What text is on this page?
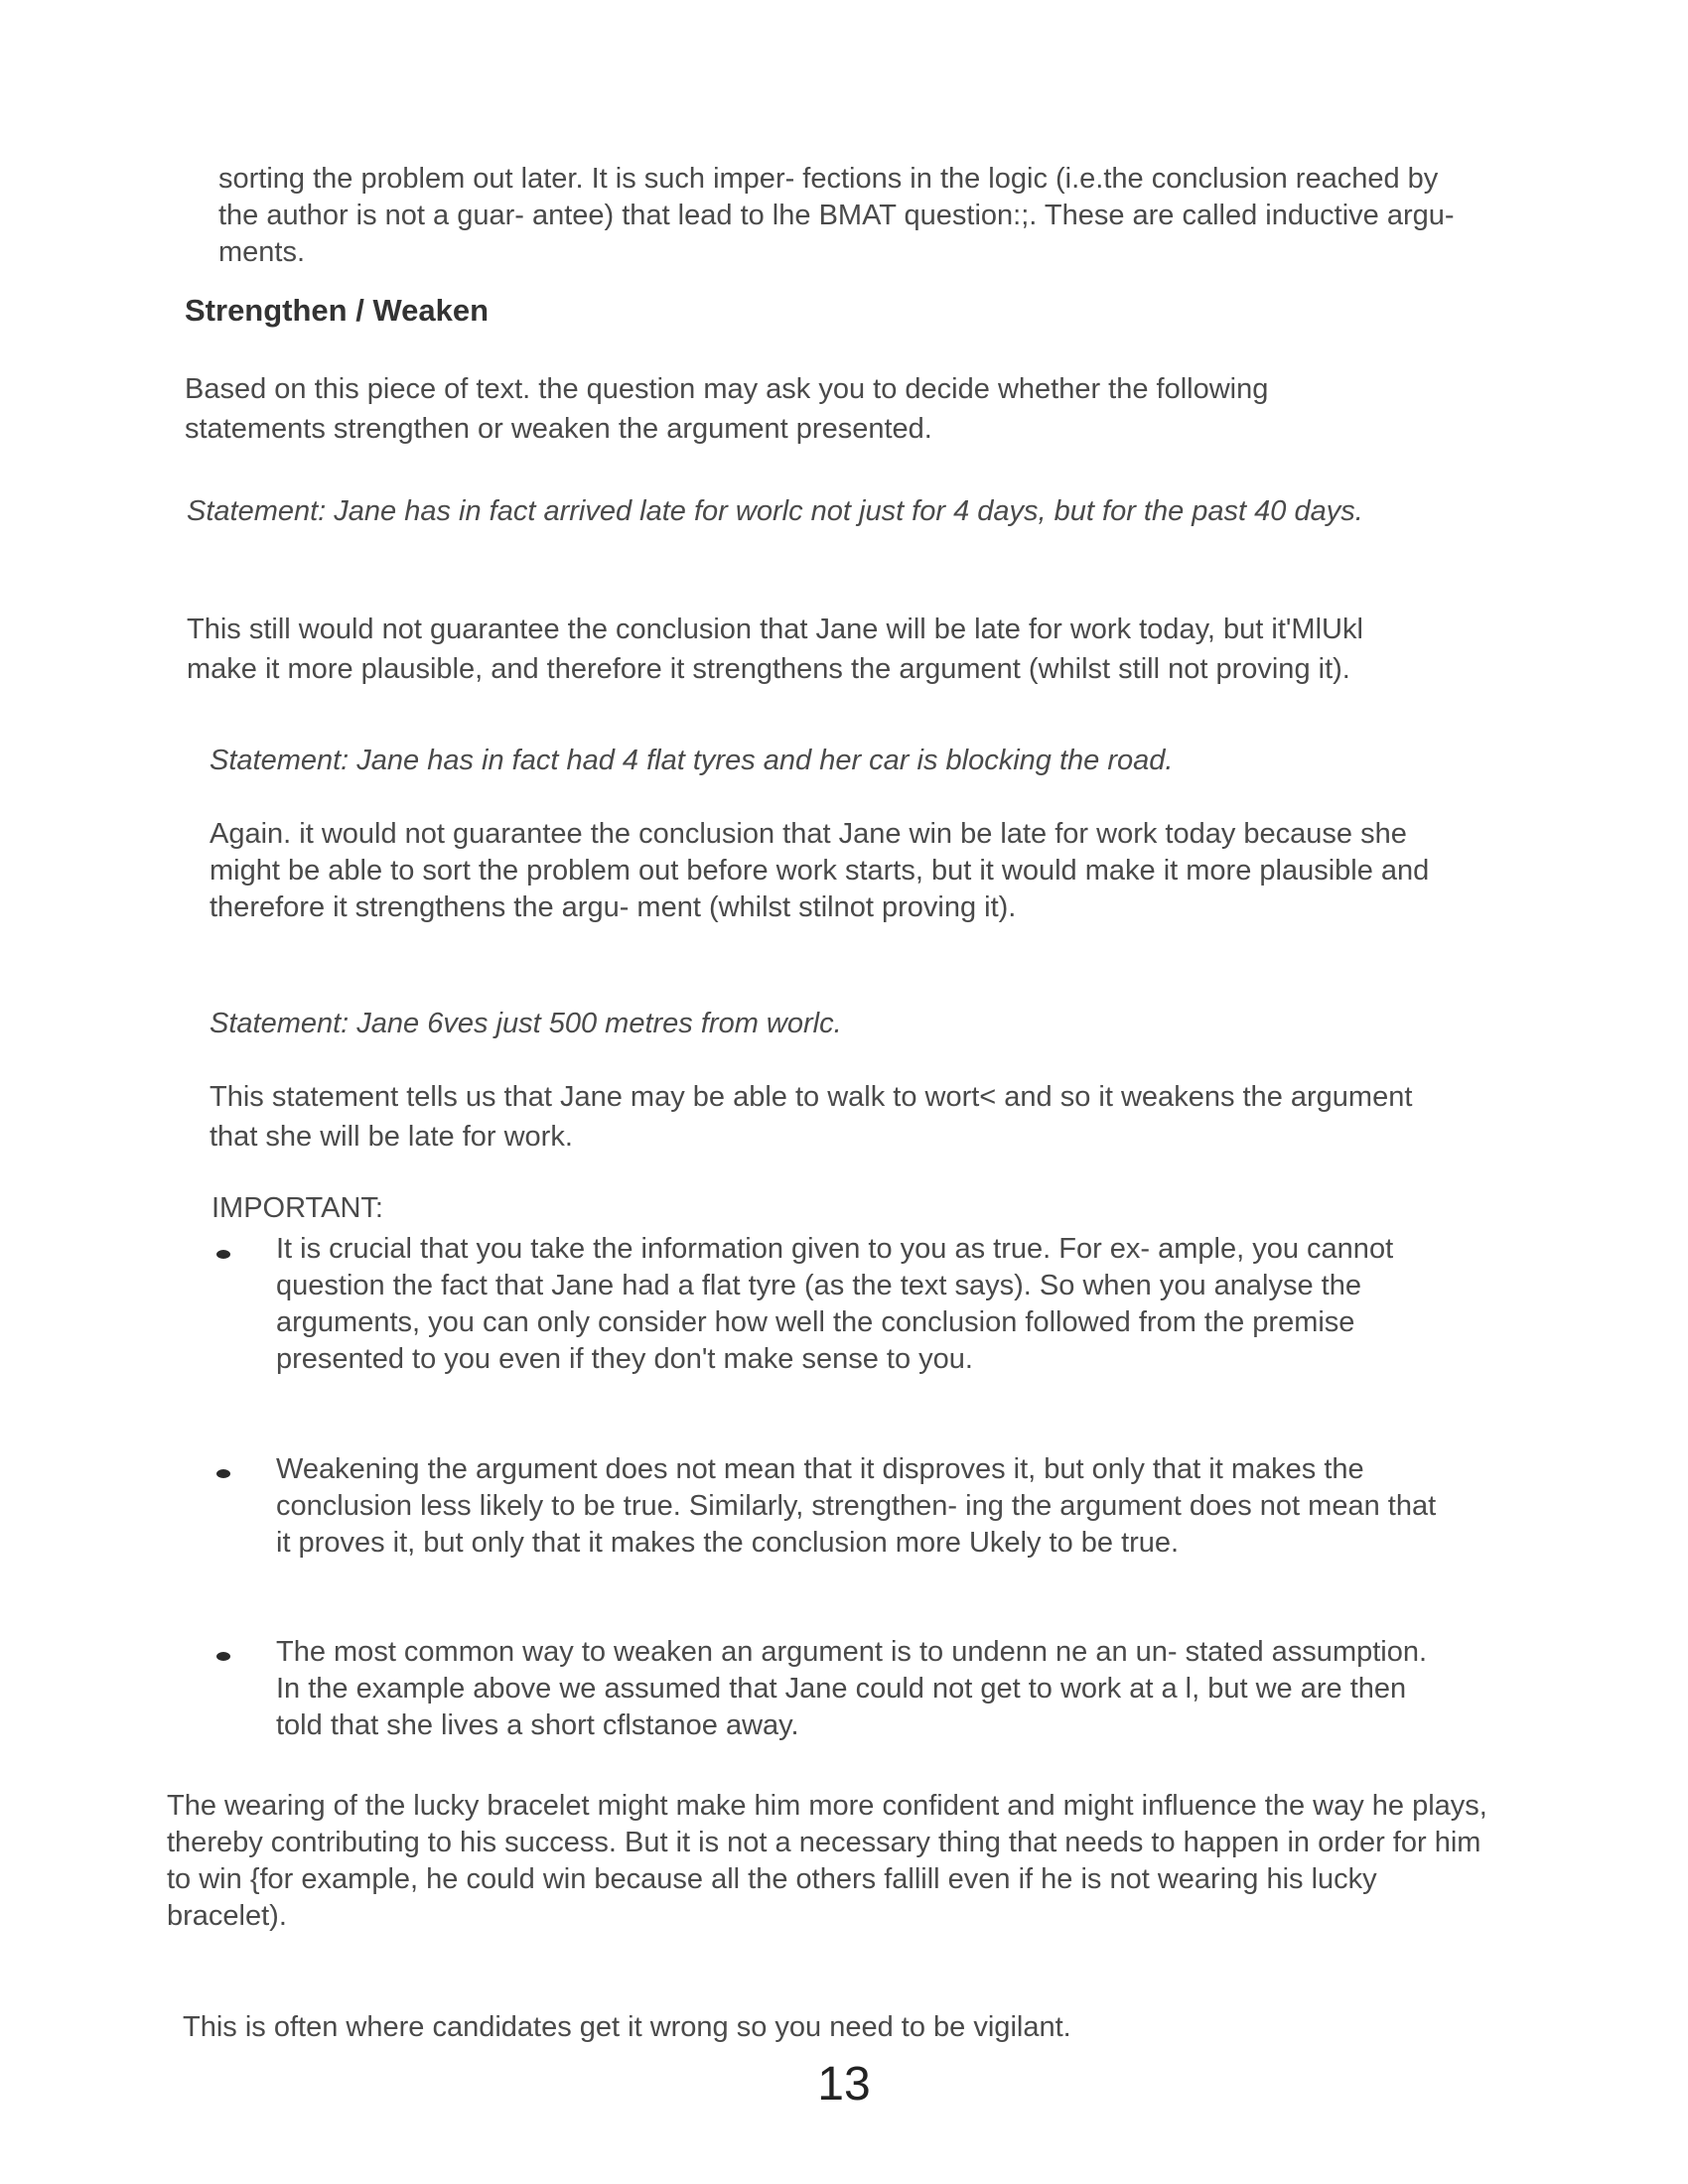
sorting the problem out later. It is such imper- fections in the logic (i.e.the conclusion reached by the author is not a guar- antee) that lead to lhe BMAT question:;. These are called inductive argu- ments.

Strengthen / Weaken

Based on this piece of text. the question may ask you to decide whether the following statements strengthen or weaken the argument presented.

Statement: Jane has in fact arrived late for worlc not just for 4 days, but for the past 40 days.

This still would not guarantee the conclusion that Jane will be late for work today, but it'MlUkl make it more plausible, and therefore it strengthens the argument (whilst still not proving it).

Statement: Jane has in fact had 4 flat tyres and her car is blocking the road.

Again. it would not guarantee the conclusion that Jane win be late for work today because she might be able to sort the problem out before work starts, but it would make it more plausible and therefore it strengthens the argu- ment (whilst stilnot proving it).

Statement: Jane 6ves just 500 metres from worlc.

This statement tells us that Jane may be able to walk to wort< and so it weakens the argument that she will be late for work.

IMPORTANT:

It is crucial that you take the information given to you as true. For ex- ample, you cannot question the fact that Jane had a flat tyre (as the text says). So when you analyse the arguments, you can only consider how well the conclusion followed from the premise presented to you even if they don't make sense to you.

Weakening the argument does not mean that it disproves it, but only that it makes the conclusion less likely to be true. Similarly, strengthen- ing the argument does not mean that it proves it, but only that it makes the conclusion more Ukely to be true.

The most common way to weaken an argument is to undenn ne an un- stated assumption. In the example above we assumed that Jane could not get to work at a l, but we are then told that she lives a short cflstanoe away.

The wearing of the lucky bracelet might make him more confident and might influence the way he plays, thereby contributing to his success. But it is not a necessary thing that needs to happen in order for him to win {for example, he could win because all the others fallill even if he is not wearing his lucky bracelet).

This is often where candidates get it wrong so you need to be vigilant.

13
